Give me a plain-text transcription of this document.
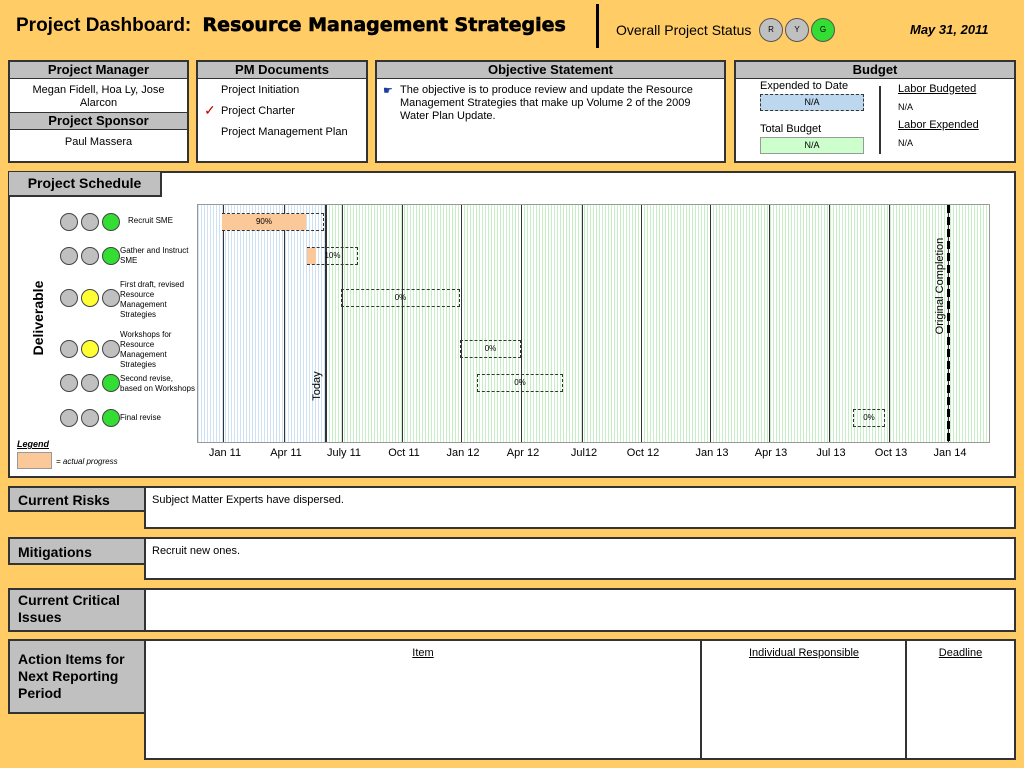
Project Dashboard: Resource Management Strategies	Overall Project Status	R	Y	G	May 31, 2011
Project Manager
Megan Fidell, Hoa Ly, Jose Alarcon
Project Sponsor
Paul Massera
PM Documents
Project Initiation
Project Charter
✓
Project Management Plan
Objective Statement
☛ The objective is to produce review and update the Resource Management Strategies that make up Volume 2 of the 2009 Water Plan Update.
Budget
Expended to Date
N/A
Total Budget
N/A
Labor Budgeted
N/A
Labor Expended
N/A
Project Schedule
Deliverable
Today
Original Completion
Jan 11	Apr 11	July 11	Oct 11	Jan 12	Apr 12	Jul12	Oct 12	Jan 13	Apr 13	Jul 13	Oct 13	Jan 14
Recruit SME	90%
Gather and Instruct SME
10%
First draft, revised Resource Management Strategies
0%
Workshops for Resource Management Strategies
0%
Second revise, based on Workshops
0%
Final revise	0%
Legend
= actual progress
Subject Matter Experts have dispersed.
Current Risks
Recruit new ones.
Mitigations
Current Critical Issues
Item	Individual Responsible	Deadline
Action Items for Next Reporting Period
